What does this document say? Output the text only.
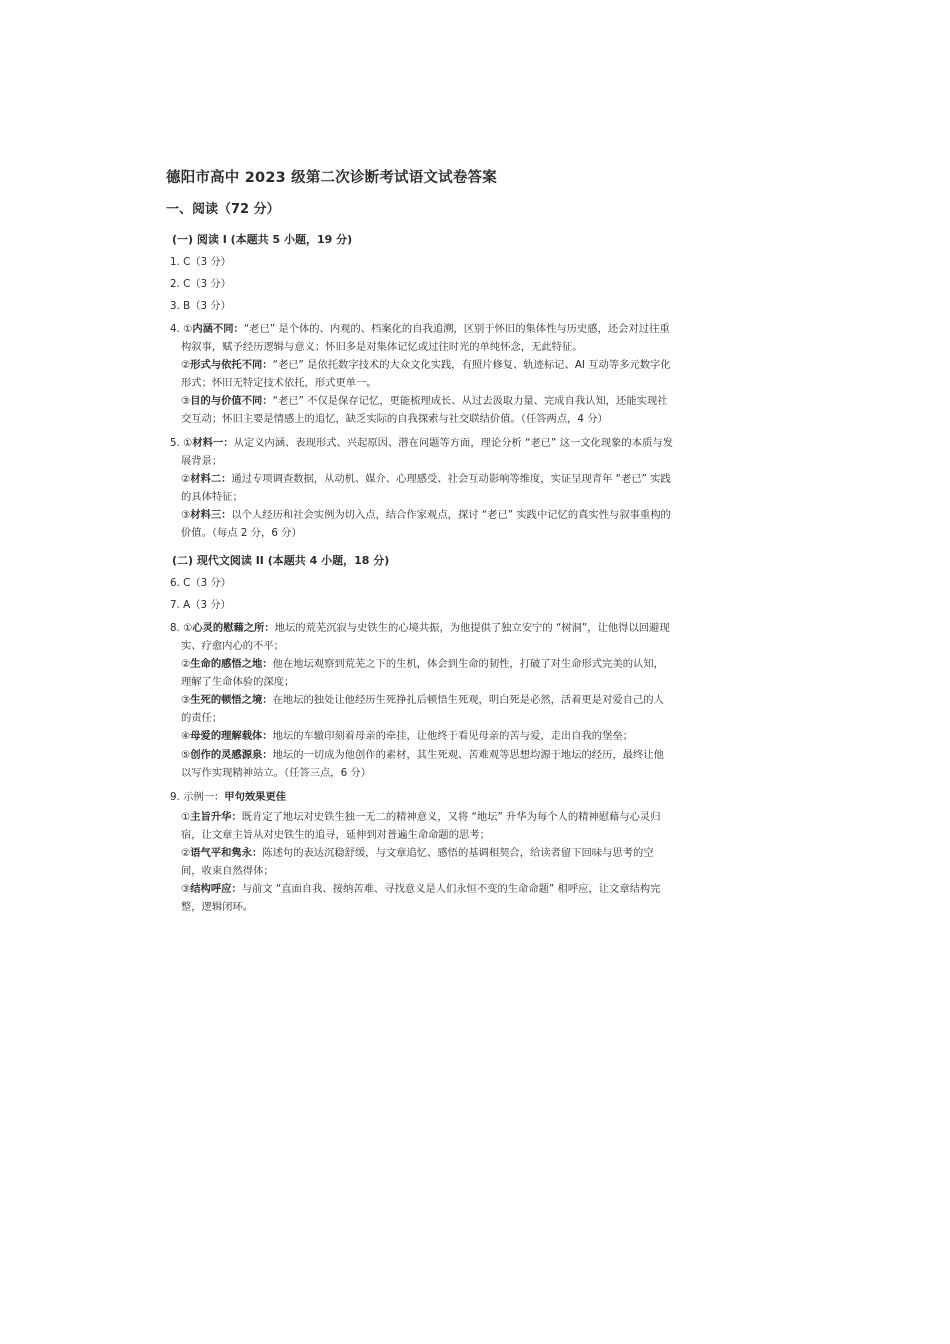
德阳市高中 2023 级第二次诊断考试语文试卷答案
一、阅读（72 分）
(一) 阅读 I (本题共 5 小题，19 分)
1. C（3 分）
2. C（3 分）
3. B（3 分）
4. ①内涵不同：“老已” 是个体的、内观的、档案化的自我追溯，区别于怀旧的集体性与历史感，还会对过往重
构叙事，赋予经历逻辑与意义；怀旧多是对集体记忆或过往时光的单纯怀念，无此特征。
②形式与依托不同：“老已” 是依托数字技术的大众文化实践，有照片修复、轨迹标记、AI 互动等多元数字化
形式；怀旧无特定技术依托，形式更单一。
③目的与价值不同：“老已” 不仅是保存记忆，更能梳理成长、从过去汲取力量、完成自我认知，还能实现社
交互动；怀旧主要是情感上的追忆，缺乏实际的自我探索与社交联结价值。（任答两点，4 分）
5. ①材料一：从定义内涵、表现形式、兴起原因、潜在问题等方面，理论分析 “老已” 这一文化现象的本质与发
展背景；
②材料二：通过专项调查数据，从动机、媒介、心理感受、社会互动影响等维度，实证呈现青年 “老已” 实践
的具体特征；
③材料三：以个人经历和社会实例为切入点，结合作家观点，探讨 “老已” 实践中记忆的真实性与叙事重构的
价值。（每点 2 分，6 分）
(二) 现代文阅读 II (本题共 4 小题，18 分)
6. C（3 分）
7. A（3 分）
8. ①心灵的慰藉之所：地坛的荒芜沉寂与史铁生的心境共振，为他提供了独立安宁的 “树洞”，让他得以回避现
实、疗愈内心的不平；
②生命的感悟之地：他在地坛观察到荒芜之下的生机，体会到生命的韧性，打破了对生命形式完美的认知，
理解了生命体验的深度；
③生死的顿悟之境：在地坛的独处让他经历生死挣扎后顿悟生死观，明白死是必然，活着更是对爱自己的人
的责任；
④母爱的理解载体：地坛的车辙印刻着母亲的牵挂，让他终于看见母亲的苦与爱，走出自我的堡垒；
⑤创作的灵感源泉：地坛的一切成为他创作的素材，其生死观、苦难观等思想均源于地坛的经历，最终让他
以写作实现精神站立。（任答三点，6 分）
9. 示例一：甲句效果更佳
①主旨升华：既肯定了地坛对史铁生独一无二的精神意义，又将 “地坛” 升华为每个人的精神慰藉与心灵归
宿，让文章主旨从对史铁生的追寻，延伸到对普遍生命命题的思考；
②语气平和隽永：陈述句的表达沉稳舒缓，与文章追忆、感悟的基调相契合，给读者留下回味与思考的空
间，收束自然得体；
③结构呼应：与前文 “直面自我、接纳苦难、寻找意义是人们永恒不变的生命命题” 相呼应，让文章结构完
整，逻辑闭环。
